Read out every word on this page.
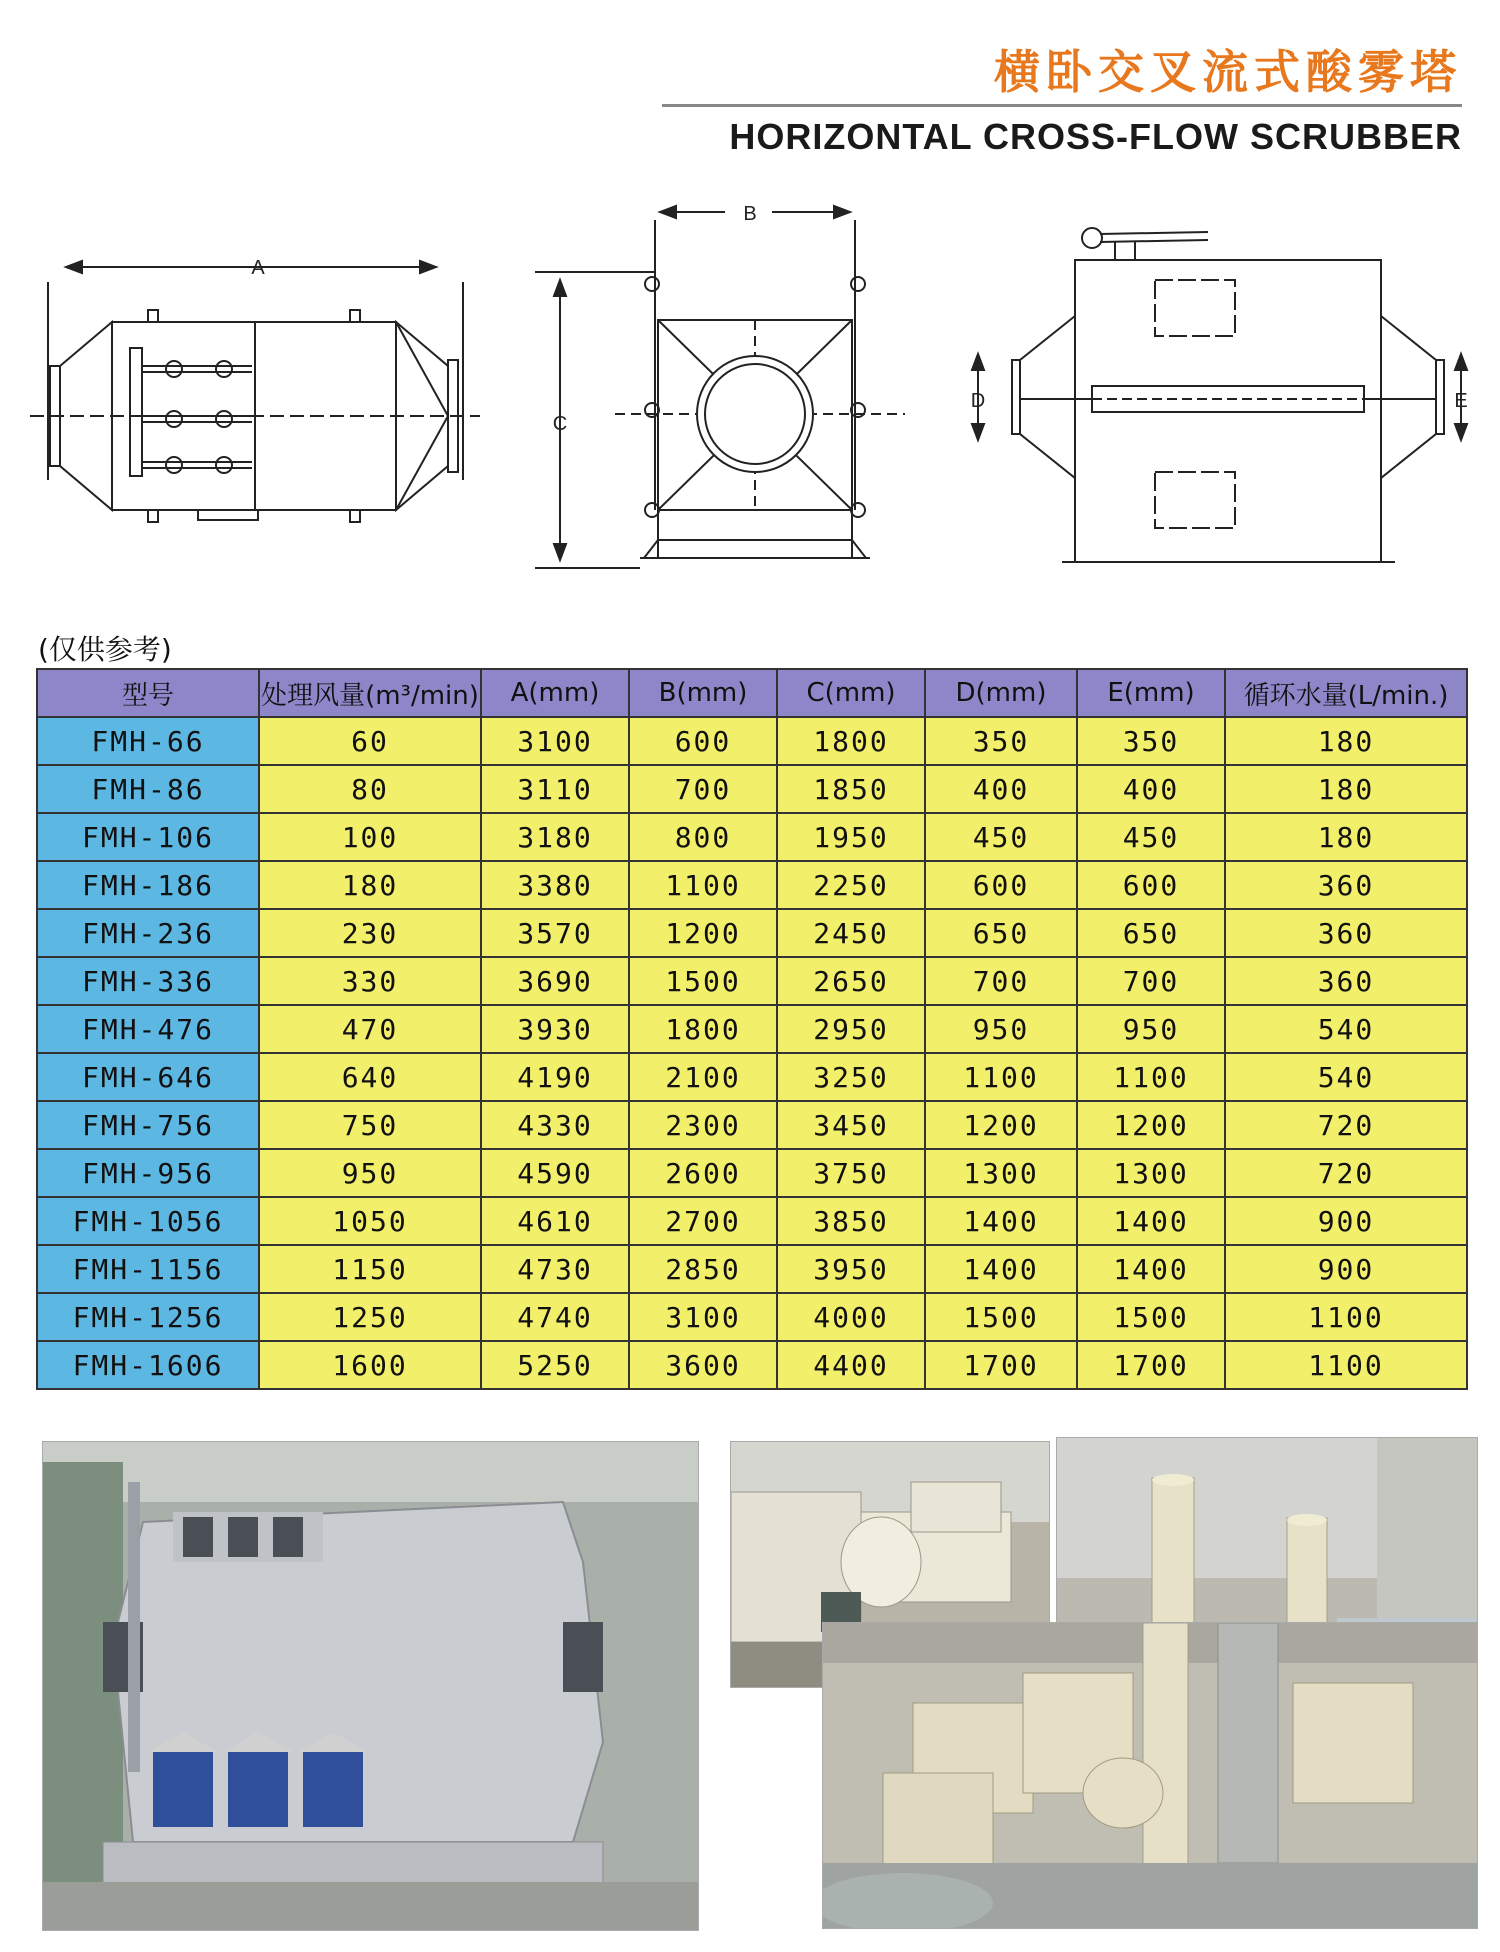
横卧交叉流式酸雾塔
HORIZONTAL CROSS-FLOW SCRUBBER
A
B
C
D	E
(仅供参考)
型号	处理风量(m³/min)	A(mm)	B(mm)	C(mm)	D(mm)	E(mm)	循环水量(L/min.)
FMH-66	60	3100	600	1800	350	350	180
FMH-86	80	3110	700	1850	400	400	180
FMH-106	100	3180	800	1950	450	450	180
FMH-186	180	3380	1100	2250	600	600	360
FMH-236	230	3570	1200	2450	650	650	360
FMH-336	330	3690	1500	2650	700	700	360
FMH-476	470	3930	1800	2950	950	950	540
FMH-646	640	4190	2100	3250	1100	1100	540
FMH-756	750	4330	2300	3450	1200	1200	720
FMH-956	950	4590	2600	3750	1300	1300	720
FMH-1056	1050	4610	2700	3850	1400	1400	900
FMH-1156	1150	4730	2850	3950	1400	1400	900
FMH-1256	1250	4740	3100	4000	1500	1500	1100
FMH-1606	1600	5250	3600	4400	1700	1700	1100
